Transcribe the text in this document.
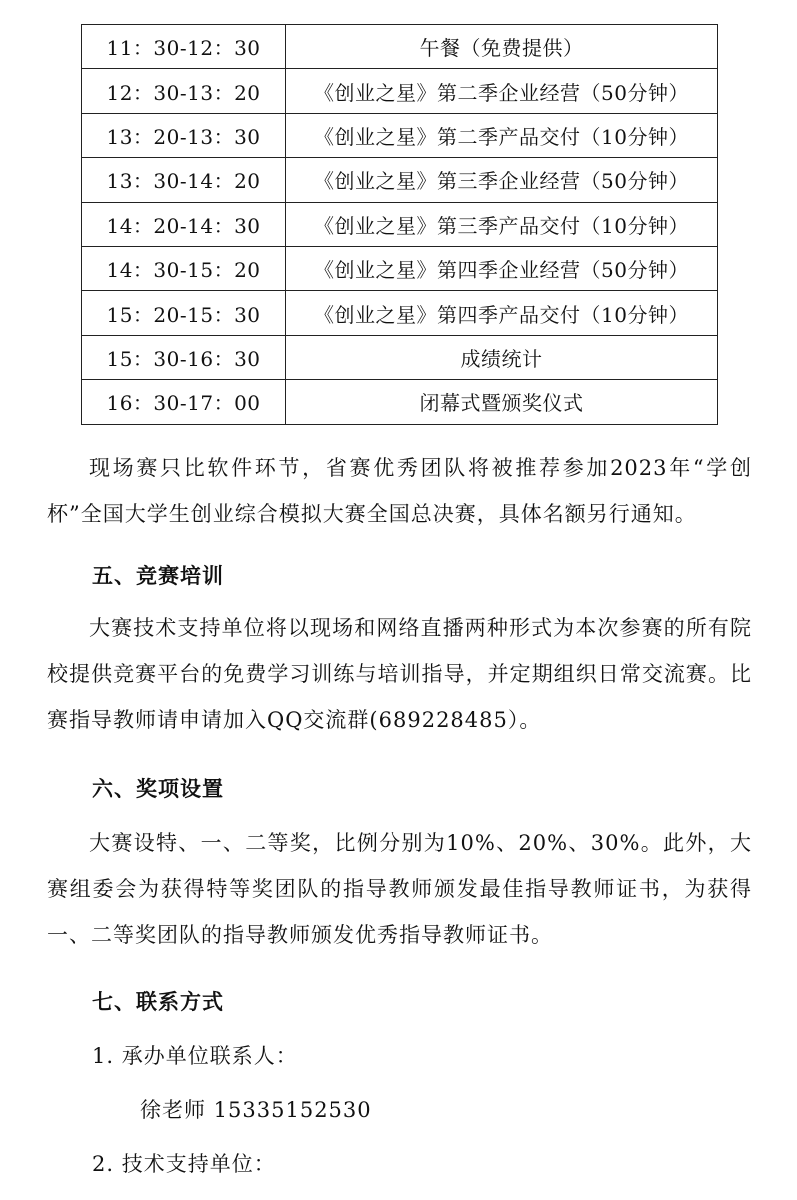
11：30-12：30	午餐（免费提供）
12：30-13：20	《创业之星》第二季企业经营（50分钟）
13：20-13：30	《创业之星》第二季产品交付（10分钟）
13：30-14：20	《创业之星》第三季企业经营（50分钟）
14：20-14：30	《创业之星》第三季产品交付（10分钟）
14：30-15：20	《创业之星》第四季企业经营（50分钟）
15：20-15：30	《创业之星》第四季产品交付（10分钟）
15：30-16：30	成绩统计
16：30-17：00	闭幕式暨颁奖仪式
现场赛只比软件环节，省赛优秀团队将被推荐参加2023年“学创杯”全国大学生创业综合模拟大赛全国总决赛，具体名额另行通知。
五、竞赛培训
大赛技术支持单位将以现场和网络直播两种形式为本次参赛的所有院校提供竞赛平台的免费学习训练与培训指导，并定期组织日常交流赛。比赛指导教师请申请加入QQ交流群(689228485）。
六、奖项设置
大赛设特、一、二等奖，比例分别为10%、20%、30%。此外，大赛组委会为获得特等奖团队的指导教师颁发最佳指导教师证书，为获得一、二等奖团队的指导教师颁发优秀指导教师证书。
七、联系方式
1. 承办单位联系人：
徐老师 15335152530
2. 技术支持单位：
